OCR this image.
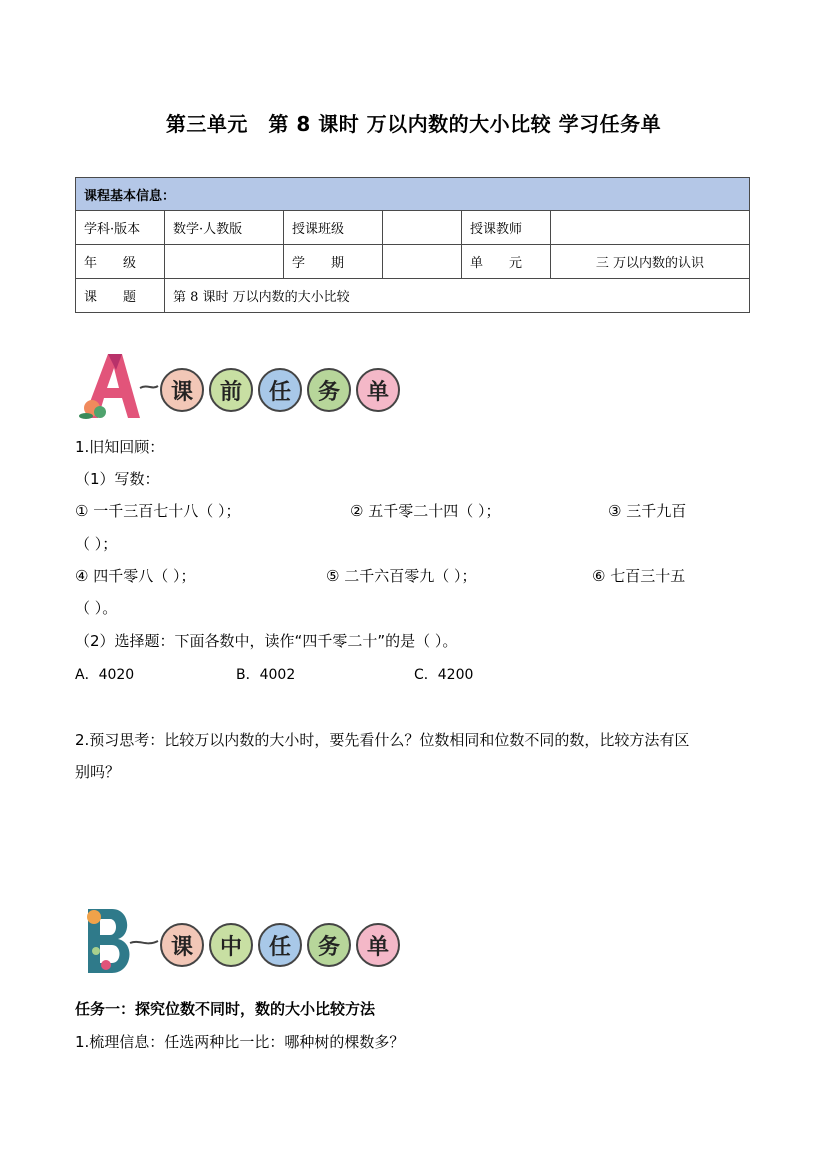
第三单元　第 8 课时 万以内数的大小比较 学习任务单
课程基本信息：					
学科·版本	数学·人教版	授课班级		授课教师	
年　　级		学　　期		单　　元	三 万以内数的认识
课　　题	第 8 课时 万以内数的大小比较				
课	前	任	务	单
1.旧知回顾：
（1）写数：
① 一千三百七十八（ ）；	② 五千零二十四（ ）；	③ 三千九百
（ ）；
④ 四千零八（ ）；	⑤ 二千六百零九（ ）；	⑥ 七百三十五
（ ）。
（2）选择题：下面各数中，读作“四千零二十”的是（ ）。
A．4020	B．4002	C．4200
2.预习思考：比较万以内数的大小时，要先看什么？位数相同和位数不同的数，比较方法有区
别吗？
课	中	任	务	单
任务一：探究位数不同时，数的大小比较方法
1.梳理信息：任选两种比一比：哪种树的棵数多？
